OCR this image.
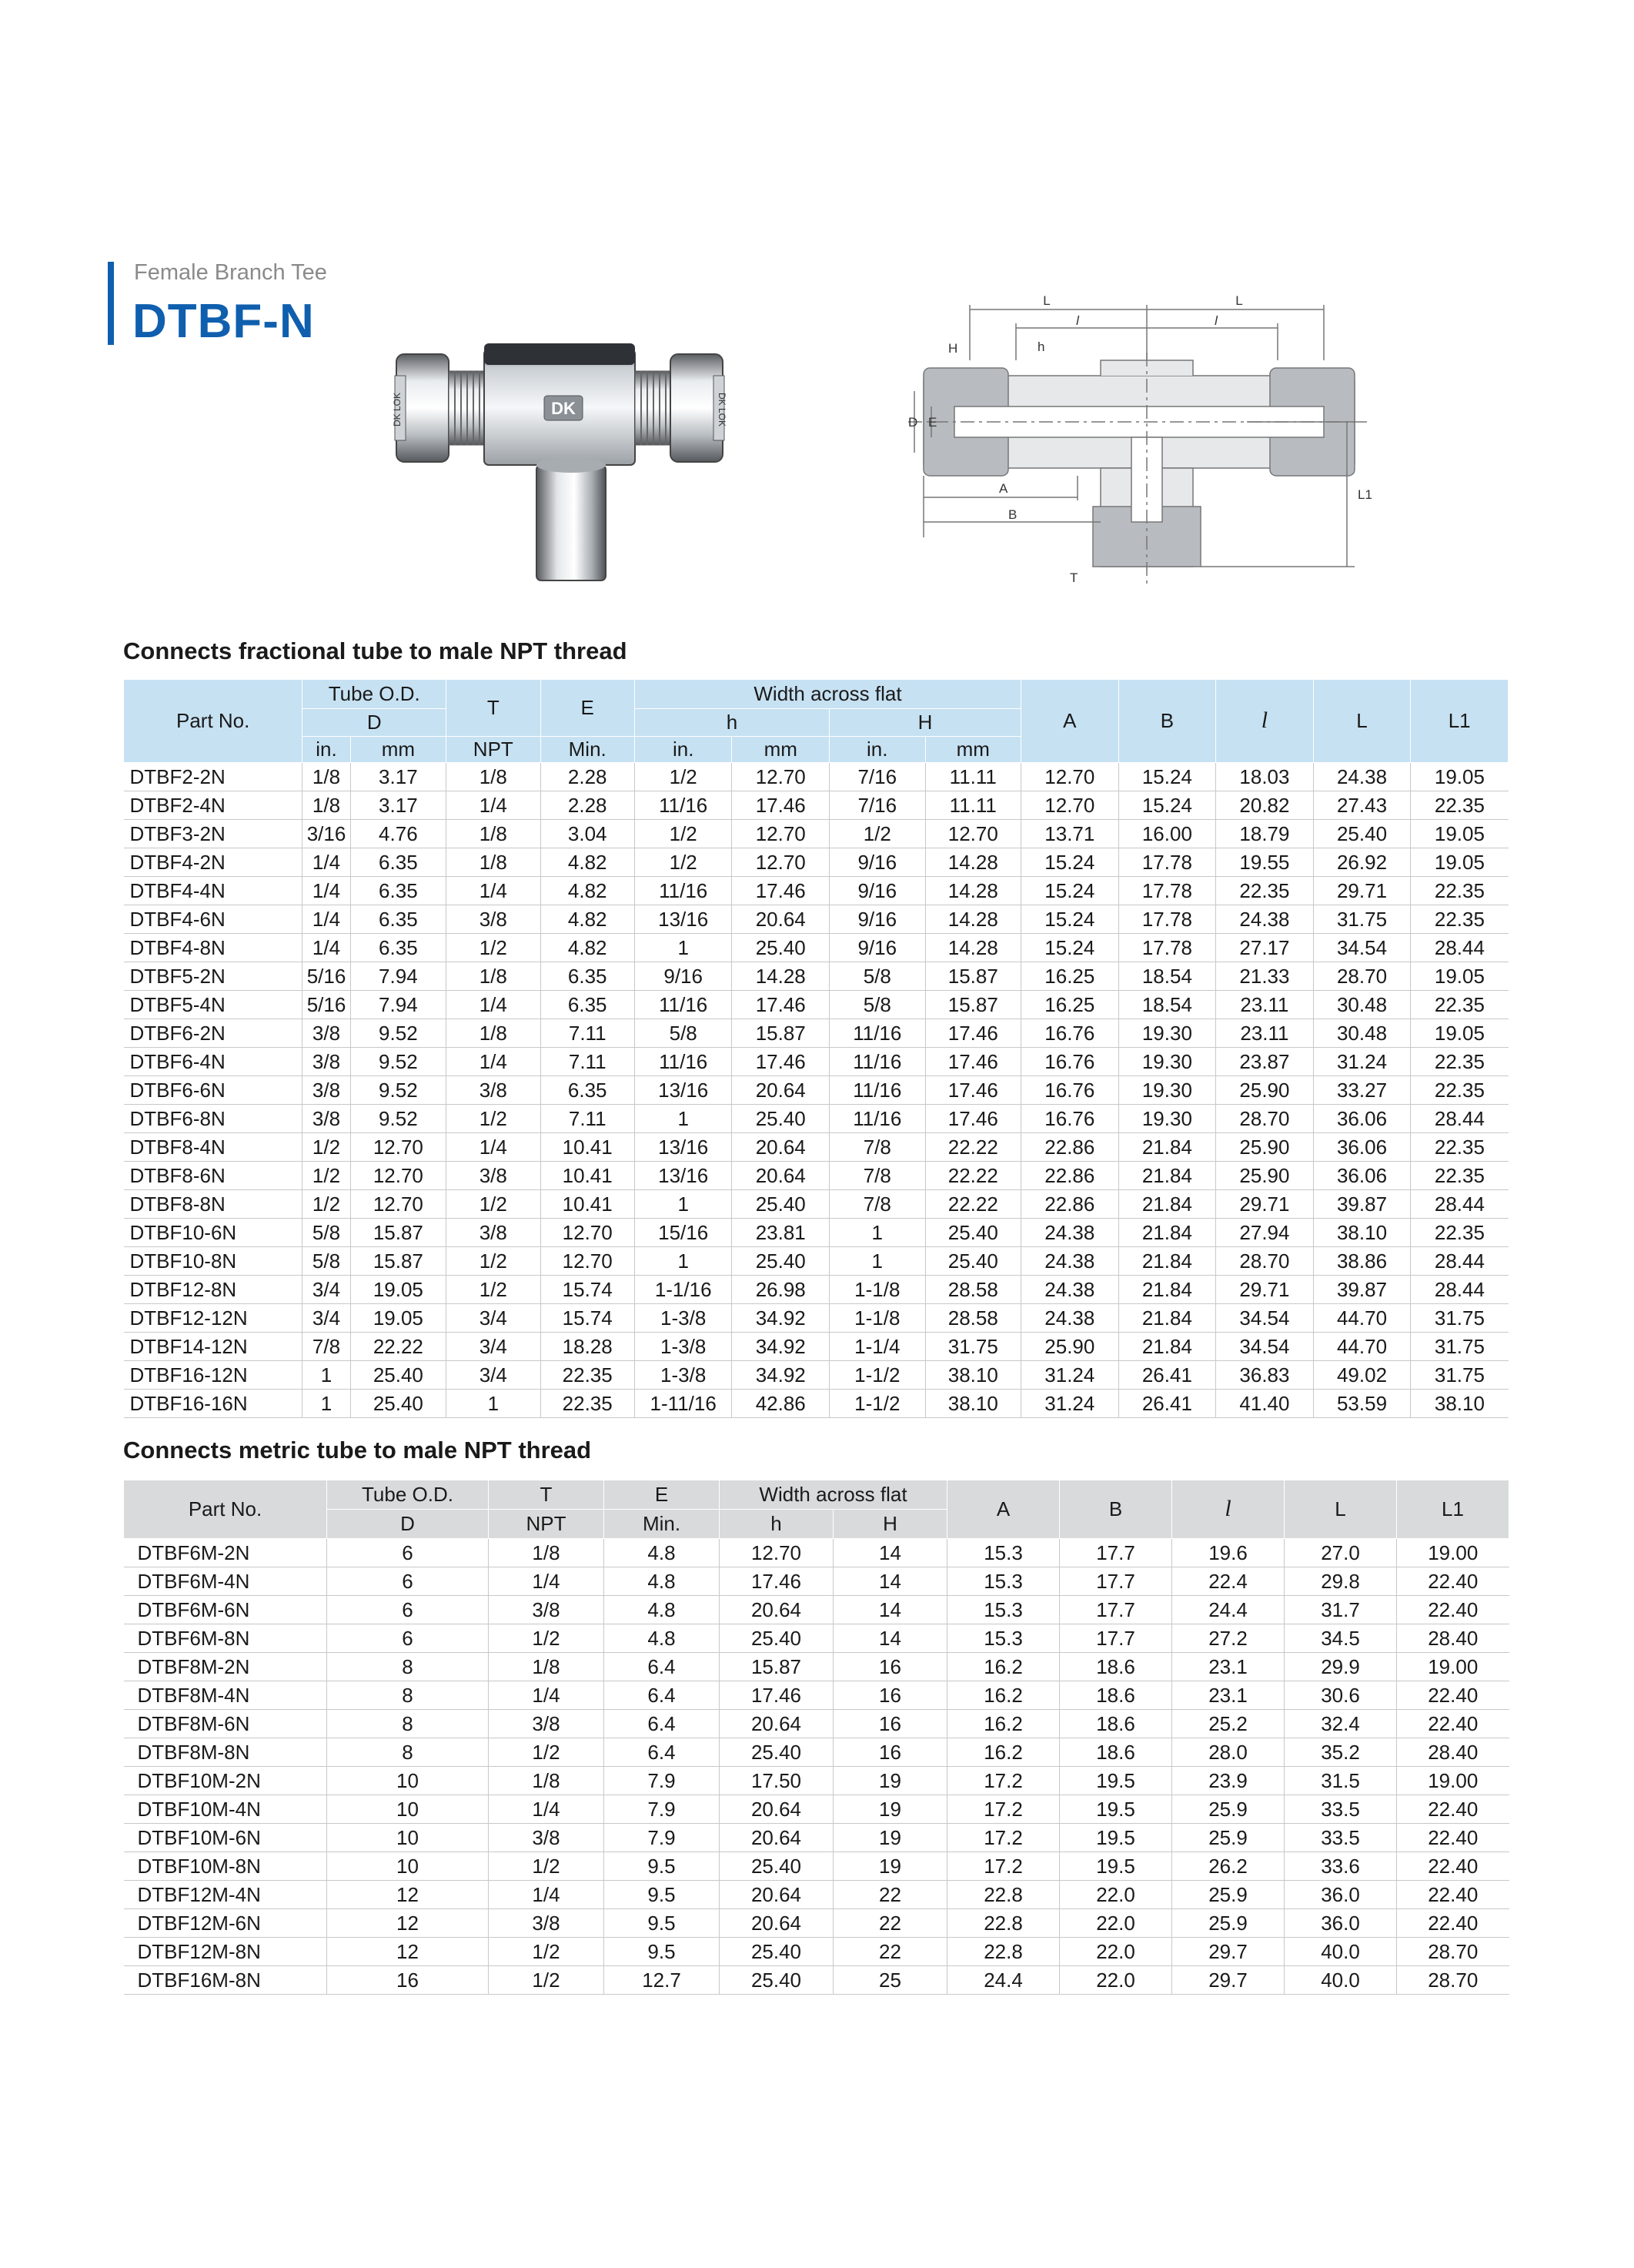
Female Branch Tee
DTBF-N
DK LOK	DK	DK LOK
L	L
l	l
H	h
D E
A
B
T
L1
Connects fractional tube to male NPT thread
Part No.	Tube O.D.		T	E	Width across flat				A	B	l	L	L1
	D				h		H						
	in.	mm	NPT	Min.	in.	mm	in.	mm					
DTBF2-2N	1/8	3.17	1/8	2.28	1/2	12.70	7/16	11.11	12.70	15.24	18.03	24.38	19.05
DTBF2-4N	1/8	3.17	1/4	2.28	11/16	17.46	7/16	11.11	12.70	15.24	20.82	27.43	22.35
DTBF3-2N	3/16	4.76	1/8	3.04	1/2	12.70	1/2	12.70	13.71	16.00	18.79	25.40	19.05
DTBF4-2N	1/4	6.35	1/8	4.82	1/2	12.70	9/16	14.28	15.24	17.78	19.55	26.92	19.05
DTBF4-4N	1/4	6.35	1/4	4.82	11/16	17.46	9/16	14.28	15.24	17.78	22.35	29.71	22.35
DTBF4-6N	1/4	6.35	3/8	4.82	13/16	20.64	9/16	14.28	15.24	17.78	24.38	31.75	22.35
DTBF4-8N	1/4	6.35	1/2	4.82	1	25.40	9/16	14.28	15.24	17.78	27.17	34.54	28.44
DTBF5-2N	5/16	7.94	1/8	6.35	9/16	14.28	5/8	15.87	16.25	18.54	21.33	28.70	19.05
DTBF5-4N	5/16	7.94	1/4	6.35	11/16	17.46	5/8	15.87	16.25	18.54	23.11	30.48	22.35
DTBF6-2N	3/8	9.52	1/8	7.11	5/8	15.87	11/16	17.46	16.76	19.30	23.11	30.48	19.05
DTBF6-4N	3/8	9.52	1/4	7.11	11/16	17.46	11/16	17.46	16.76	19.30	23.87	31.24	22.35
DTBF6-6N	3/8	9.52	3/8	6.35	13/16	20.64	11/16	17.46	16.76	19.30	25.90	33.27	22.35
DTBF6-8N	3/8	9.52	1/2	7.11	1	25.40	11/16	17.46	16.76	19.30	28.70	36.06	28.44
DTBF8-4N	1/2	12.70	1/4	10.41	13/16	20.64	7/8	22.22	22.86	21.84	25.90	36.06	22.35
DTBF8-6N	1/2	12.70	3/8	10.41	13/16	20.64	7/8	22.22	22.86	21.84	25.90	36.06	22.35
DTBF8-8N	1/2	12.70	1/2	10.41	1	25.40	7/8	22.22	22.86	21.84	29.71	39.87	28.44
DTBF10-6N	5/8	15.87	3/8	12.70	15/16	23.81	1	25.40	24.38	21.84	27.94	38.10	22.35
DTBF10-8N	5/8	15.87	1/2	12.70	1	25.40	1	25.40	24.38	21.84	28.70	38.86	28.44
DTBF12-8N	3/4	19.05	1/2	15.74	1-1/16	26.98	1-1/8	28.58	24.38	21.84	29.71	39.87	28.44
DTBF12-12N	3/4	19.05	3/4	15.74	1-3/8	34.92	1-1/8	28.58	24.38	21.84	34.54	44.70	31.75
DTBF14-12N	7/8	22.22	3/4	18.28	1-3/8	34.92	1-1/4	31.75	25.90	21.84	34.54	44.70	31.75
DTBF16-12N	1	25.40	3/4	22.35	1-3/8	34.92	1-1/2	38.10	31.24	26.41	36.83	49.02	31.75
DTBF16-16N	1	25.40	1	22.35	1-11/16	42.86	1-1/2	38.10	31.24	26.41	41.40	53.59	38.10
Connects metric tube to male NPT thread
Part No.	Tube O.D.	T	E	Width across flat		A	B	l	L	L1
	D	NPT	Min.	h	H					
DTBF6M-2N	6	1/8	4.8	12.70	14	15.3	17.7	19.6	27.0	19.00
DTBF6M-4N	6	1/4	4.8	17.46	14	15.3	17.7	22.4	29.8	22.40
DTBF6M-6N	6	3/8	4.8	20.64	14	15.3	17.7	24.4	31.7	22.40
DTBF6M-8N	6	1/2	4.8	25.40	14	15.3	17.7	27.2	34.5	28.40
DTBF8M-2N	8	1/8	6.4	15.87	16	16.2	18.6	23.1	29.9	19.00
DTBF8M-4N	8	1/4	6.4	17.46	16	16.2	18.6	23.1	30.6	22.40
DTBF8M-6N	8	3/8	6.4	20.64	16	16.2	18.6	25.2	32.4	22.40
DTBF8M-8N	8	1/2	6.4	25.40	16	16.2	18.6	28.0	35.2	28.40
DTBF10M-2N	10	1/8	7.9	17.50	19	17.2	19.5	23.9	31.5	19.00
DTBF10M-4N	10	1/4	7.9	20.64	19	17.2	19.5	25.9	33.5	22.40
DTBF10M-6N	10	3/8	7.9	20.64	19	17.2	19.5	25.9	33.5	22.40
DTBF10M-8N	10	1/2	9.5	25.40	19	17.2	19.5	26.2	33.6	22.40
DTBF12M-4N	12	1/4	9.5	20.64	22	22.8	22.0	25.9	36.0	22.40
DTBF12M-6N	12	3/8	9.5	20.64	22	22.8	22.0	25.9	36.0	22.40
DTBF12M-8N	12	1/2	9.5	25.40	22	22.8	22.0	29.7	40.0	28.70
DTBF16M-8N	16	1/2	12.7	25.40	25	24.4	22.0	29.7	40.0	28.70
